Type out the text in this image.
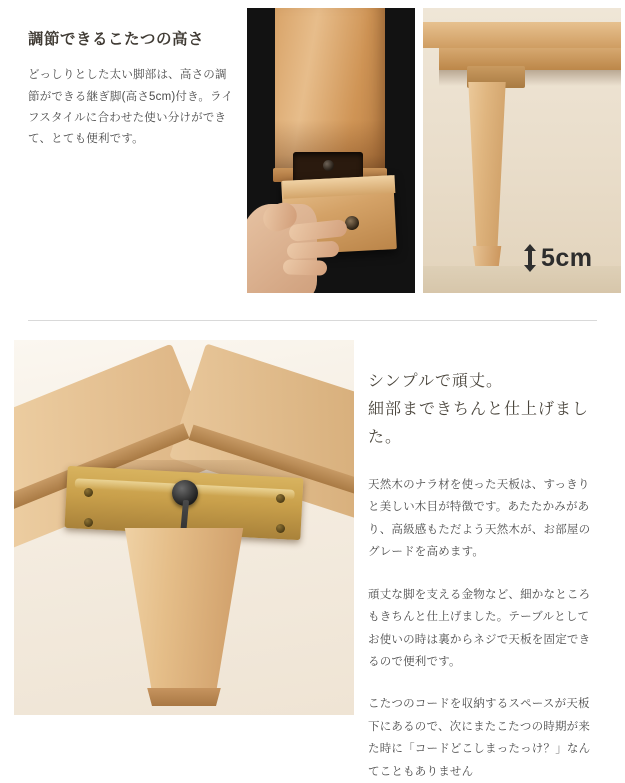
調節できるこたつの高さ

どっしりとした太い脚部は、高さの調節ができる継ぎ脚(高さ5cm)付き。ライフスタイルに合わせた使い分けができて、とても便利です。

5cm
シンプルで頑丈。
細部まできちんと仕上げました。

天然木のナラ材を使った天板は、すっきりと美しい木目が特徴です。あたたかみがあり、高級感もただよう天然木が、お部屋のグレードを高めます。

頑丈な脚を支える金物など、細かなところもきちんと仕上げました。テーブルとしてお使いの時は裏からネジで天板を固定できるので便利です。

こたつのコードを収納するスペースが天板下にあるので、次にまたこたつの時期が来た時に「コードどこしまったっけ？」なんてこともありません
